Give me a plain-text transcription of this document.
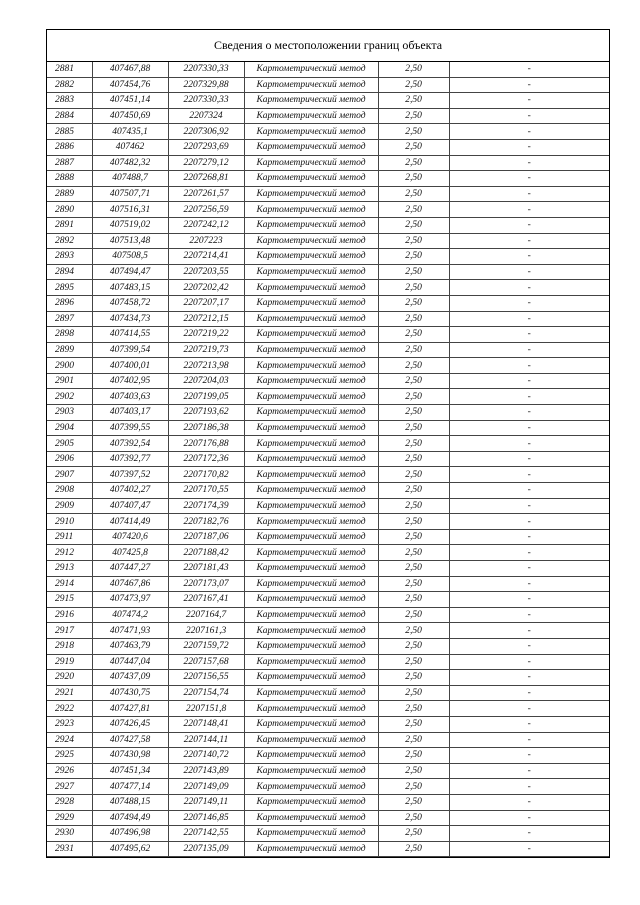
Сведения о местоположении границ объекта
2881	407467,88	2207330,33	Картометрический метод	2,50	-
2882	407454,76	2207329,88	Картометрический метод	2,50	-
2883	407451,14	2207330,33	Картометрический метод	2,50	-
2884	407450,69	2207324	Картометрический метод	2,50	-
2885	407435,1	2207306,92	Картометрический метод	2,50	-
2886	407462	2207293,69	Картометрический метод	2,50	-
2887	407482,32	2207279,12	Картометрический метод	2,50	-
2888	407488,7	2207268,81	Картометрический метод	2,50	-
2889	407507,71	2207261,57	Картометрический метод	2,50	-
2890	407516,31	2207256,59	Картометрический метод	2,50	-
2891	407519,02	2207242,12	Картометрический метод	2,50	-
2892	407513,48	2207223	Картометрический метод	2,50	-
2893	407508,5	2207214,41	Картометрический метод	2,50	-
2894	407494,47	2207203,55	Картометрический метод	2,50	-
2895	407483,15	2207202,42	Картометрический метод	2,50	-
2896	407458,72	2207207,17	Картометрический метод	2,50	-
2897	407434,73	2207212,15	Картометрический метод	2,50	-
2898	407414,55	2207219,22	Картометрический метод	2,50	-
2899	407399,54	2207219,73	Картометрический метод	2,50	-
2900	407400,01	2207213,98	Картометрический метод	2,50	-
2901	407402,95	2207204,03	Картометрический метод	2,50	-
2902	407403,63	2207199,05	Картометрический метод	2,50	-
2903	407403,17	2207193,62	Картометрический метод	2,50	-
2904	407399,55	2207186,38	Картометрический метод	2,50	-
2905	407392,54	2207176,88	Картометрический метод	2,50	-
2906	407392,77	2207172,36	Картометрический метод	2,50	-
2907	407397,52	2207170,82	Картометрический метод	2,50	-
2908	407402,27	2207170,55	Картометрический метод	2,50	-
2909	407407,47	2207174,39	Картометрический метод	2,50	-
2910	407414,49	2207182,76	Картометрический метод	2,50	-
2911	407420,6	2207187,06	Картометрический метод	2,50	-
2912	407425,8	2207188,42	Картометрический метод	2,50	-
2913	407447,27	2207181,43	Картометрический метод	2,50	-
2914	407467,86	2207173,07	Картометрический метод	2,50	-
2915	407473,97	2207167,41	Картометрический метод	2,50	-
2916	407474,2	2207164,7	Картометрический метод	2,50	-
2917	407471,93	2207161,3	Картометрический метод	2,50	-
2918	407463,79	2207159,72	Картометрический метод	2,50	-
2919	407447,04	2207157,68	Картометрический метод	2,50	-
2920	407437,09	2207156,55	Картометрический метод	2,50	-
2921	407430,75	2207154,74	Картометрический метод	2,50	-
2922	407427,81	2207151,8	Картометрический метод	2,50	-
2923	407426,45	2207148,41	Картометрический метод	2,50	-
2924	407427,58	2207144,11	Картометрический метод	2,50	-
2925	407430,98	2207140,72	Картометрический метод	2,50	-
2926	407451,34	2207143,89	Картометрический метод	2,50	-
2927	407477,14	2207149,09	Картометрический метод	2,50	-
2928	407488,15	2207149,11	Картометрический метод	2,50	-
2929	407494,49	2207146,85	Картометрический метод	2,50	-
2930	407496,98	2207142,55	Картометрический метод	2,50	-
2931	407495,62	2207135,09	Картометрический метод	2,50	-
